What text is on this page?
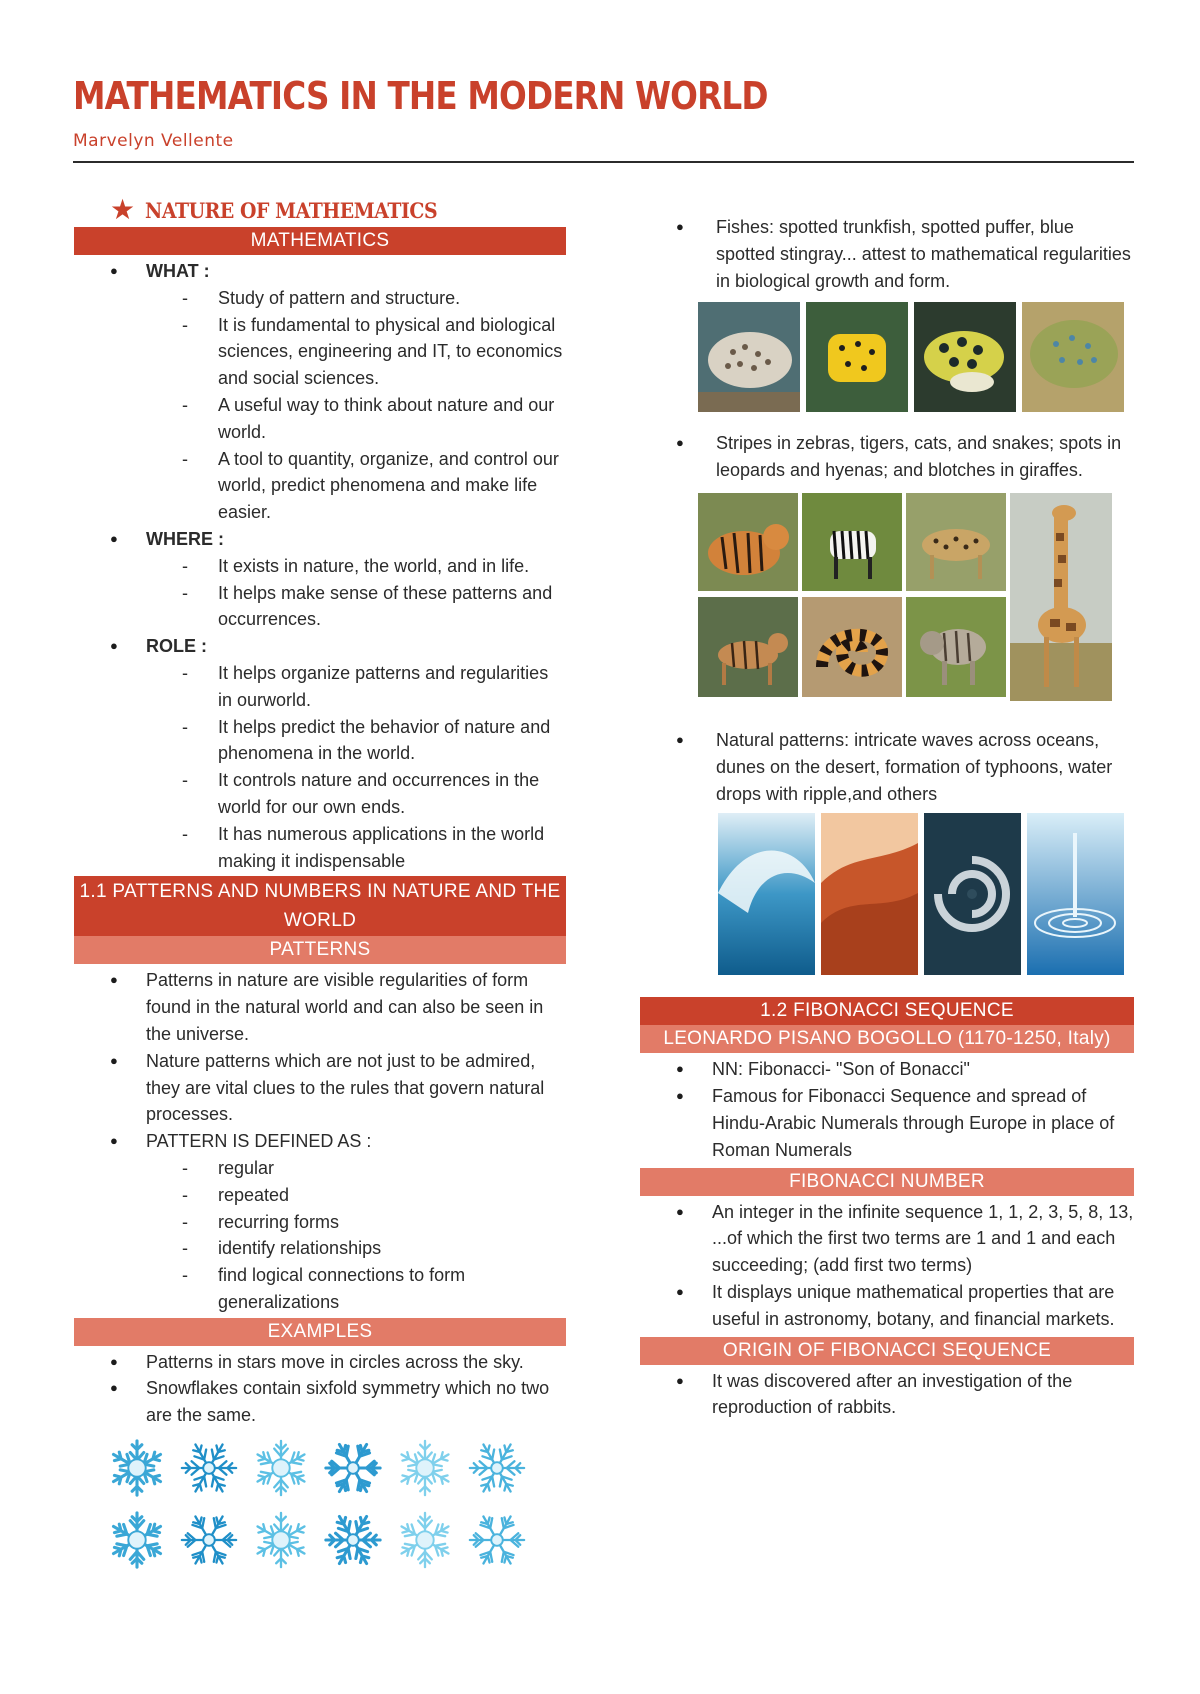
MATHEMATICS IN THE MODERN WORLD
Marvelyn Vellente
★ NATURE OF MATHEMATICS
MATHEMATICS
● WHAT :
- Study of pattern and structure.
- It is fundamental to physical and biological sciences, engineering and IT, to economics and social sciences.
- A useful way to think about nature and our world.
- A tool to quantity, organize, and control our world, predict phenomena and make life easier.
● WHERE :
- It exists in nature, the world, and in life.
- It helps make sense of these patterns and occurrences.
● ROLE :
- It helps organize patterns and regularities in ourworld.
- It helps predict the behavior of nature and phenomena in the world.
- It controls nature and occurrences in the world for our own ends.
- It has numerous applications in the world making it indispensable
1.1 PATTERNS AND NUMBERS IN NATURE AND THE WORLD
PATTERNS
● Patterns in nature are visible regularities of form found in the natural world and can also be seen in the universe.
● Nature patterns which are not just to be admired, they are vital clues to the rules that govern natural processes.
● PATTERN IS DEFINED AS :
- regular
- repeated
- recurring forms
- identify relationships
- find logical connections to form generalizations
EXAMPLES
● Patterns in stars move in circles across the sky.
● Snowflakes contain sixfold symmetry which no two are the same.
● Fishes: spotted trunkfish, spotted puffer, blue spotted stingray... attest to mathematical regularities in biological growth and form.
● Stripes in zebras, tigers, cats, and snakes; spots in leopards and hyenas; and blotches in giraffes.
● Natural patterns: intricate waves across oceans, dunes on the desert, formation of typhoons, water drops with ripple,and others
1.2 FIBONACCI SEQUENCE
LEONARDO PISANO BOGOLLO (1170-1250, Italy)
● NN: Fibonacci- "Son of Bonacci"
● Famous for Fibonacci Sequence and spread of Hindu-Arabic Numerals through Europe in place of Roman Numerals
FIBONACCI NUMBER
● An integer in the infinite sequence 1, 1, 2, 3, 5, 8, 13, ...of which the first two terms are 1 and 1 and each succeeding; (add first two terms)
● It displays unique mathematical properties that are useful in astronomy, botany, and financial markets.
ORIGIN OF FIBONACCI SEQUENCE
● It was discovered after an investigation of the reproduction of rabbits.
